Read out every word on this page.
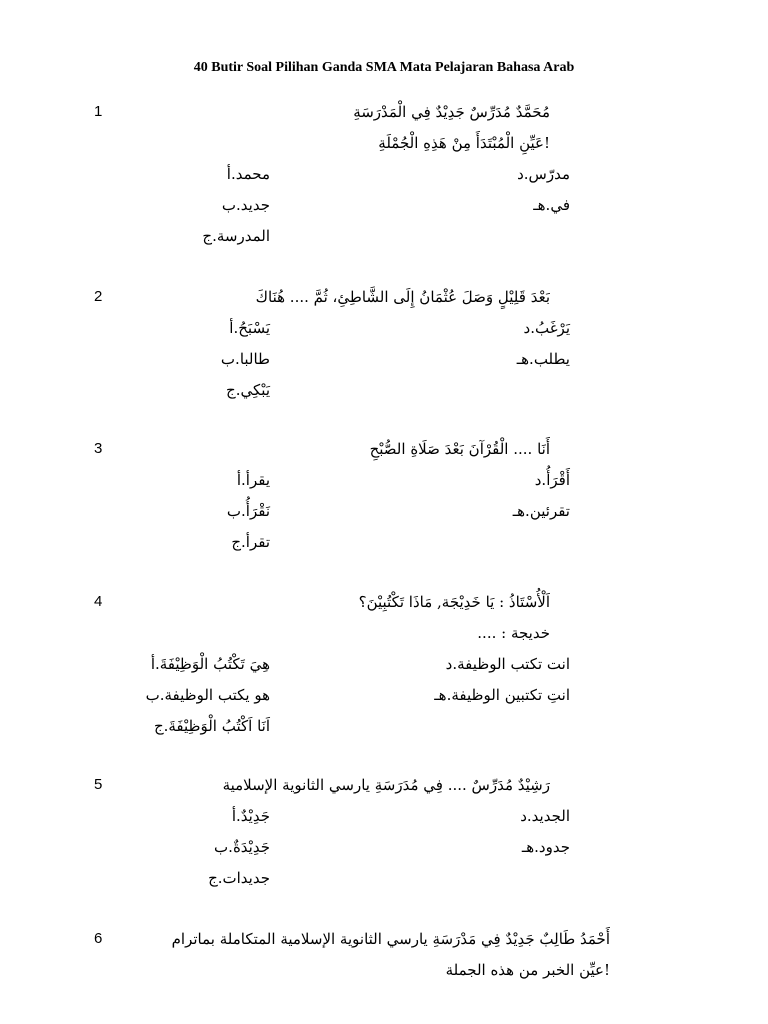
40 Butir Soal Pilihan Ganda SMA Mata Pelajaran Bahasa Arab
1	مُحَمَّدٌ مُدَرِّسٌ جَدِيْدٌ فِي الْمَدْرَسَةِ
!عَيِّنِ الْمُبْتَدَأَ مِنْ هَذِهِ الْجُمْلَةِ
محمد.أ	مدرّس.د
جديد.ب	في.هـ
المدرسة.ج
2	بَعْدَ قَلِيْلٍ وَصَلَ عُثْمَانُ إِلَى الشَّاطِئِ، ثُمَّ .... هُنَاكَ
يَسْبَحُ.أ	يَرْغَبُ.د
طالبا.ب	يطلب.هـ
يَبْكِي.ج
3	أَنَا .... الْقُرْآنَ بَعْدَ صَلَاةِ الصُّبْحِ
يقرأ.أ	أَقْرَأُ.د
نَقْرَأُ.ب	تقرئين.هـ
تقرأ.ج
4	اَلْأُسْتَاذُ : يَا خَدِيْجَة, مَاذَا تَكْتُبِيْنَ؟
خديجة : ....
هِيَ تَكْتُبُ الْوَظِيْفَةَ.أ	انت تكتب الوظيفة.د
هو يكتب الوظيفة.ب	انتِ تكتبين الوظيفة.هـ
اَنَا اَكْتُبُ الْوَظِيْفَةَ.ج
5	رَشِيْدٌ مُدَرِّسٌ .... فِي مُدَرَسَةِ يارسي الثانوية الإسلامية
جَدِيْدٌ.أ	الجديد.د
جَدِيْدَةٌ.ب	جدود.هـ
جديدات.ج
6	أَحْمَدُ طَالِبٌ جَدِيْدٌ فِي مَدْرَسَةِ يارسي الثانوية الإسلامية المتكاملة بماترام
!عيِّن الخبر من هذه الجملة
